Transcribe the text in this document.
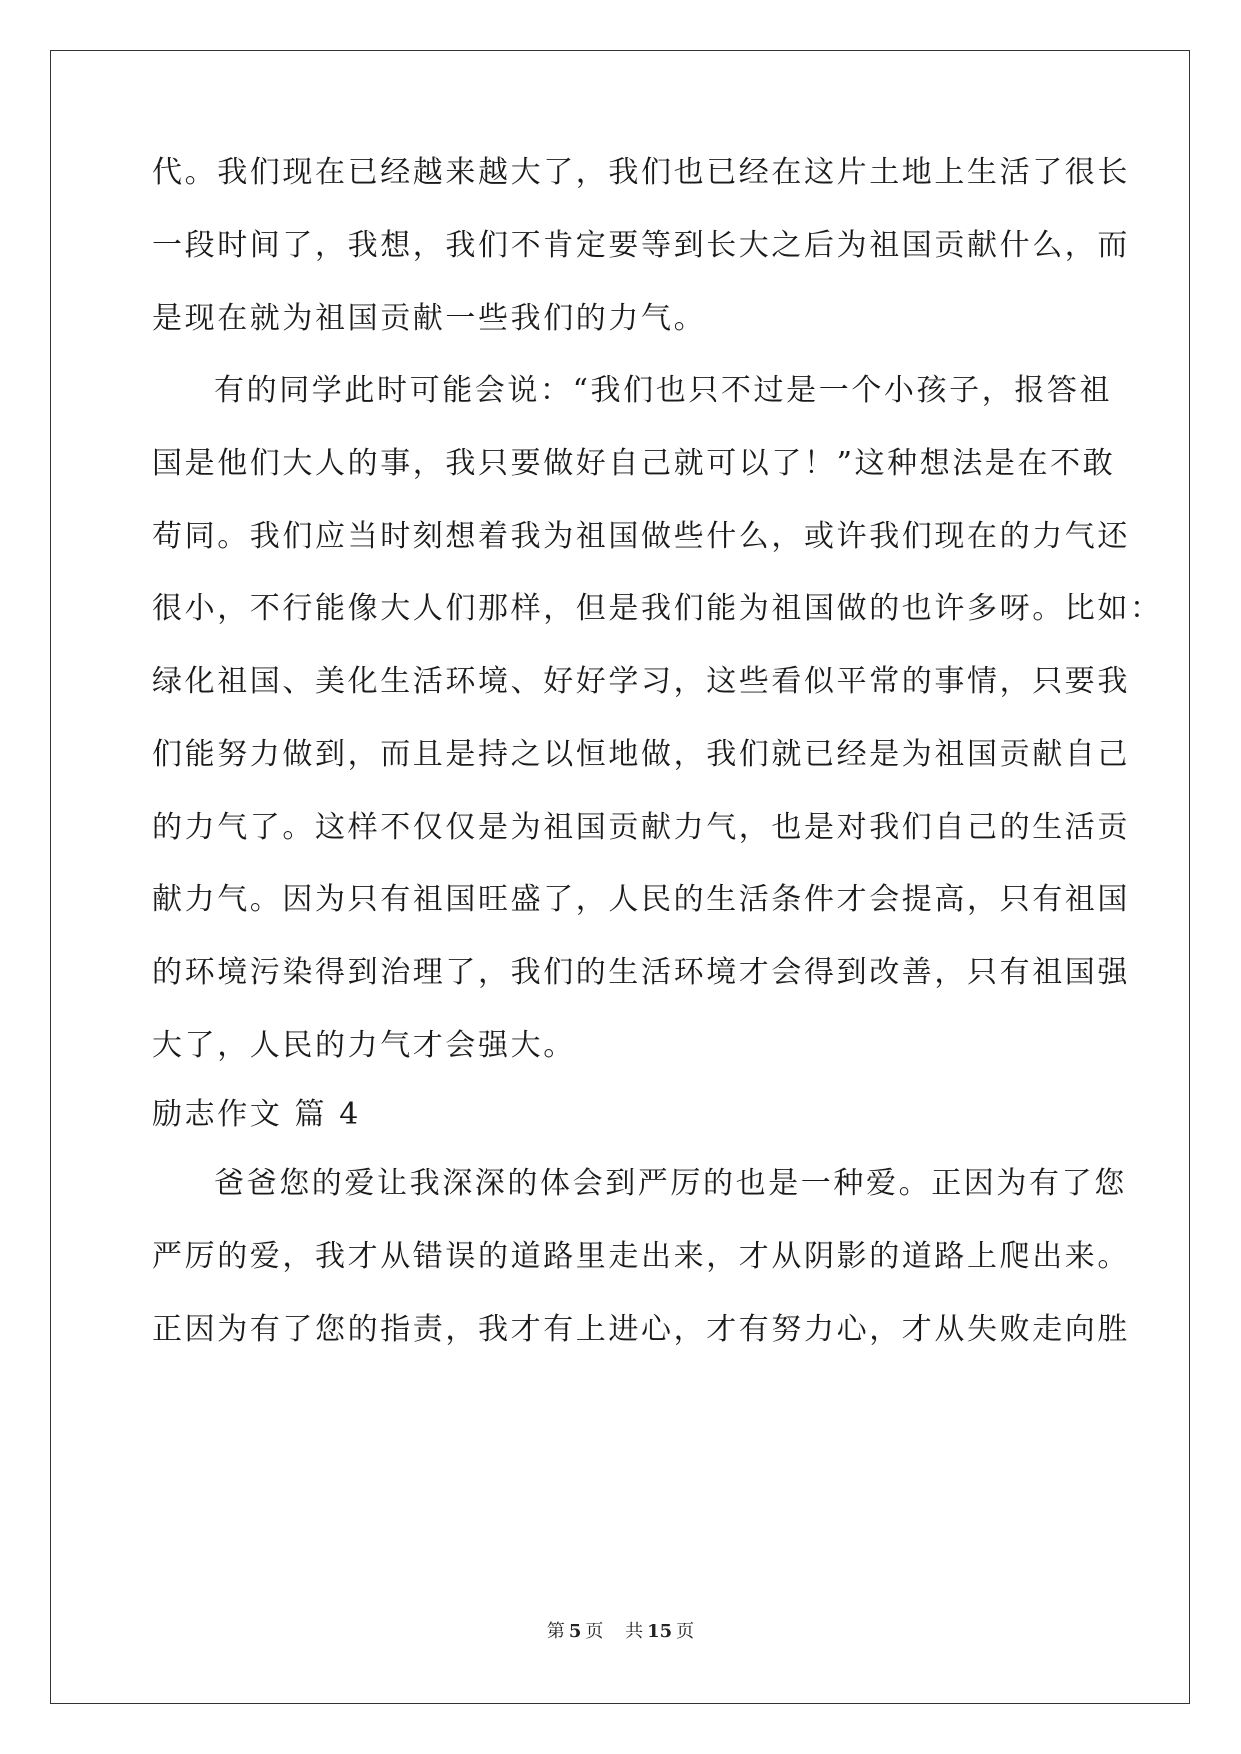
代。我们现在已经越来越大了，我们也已经在这片土地上生活了很长
一段时间了，我想，我们不肯定要等到长大之后为祖国贡献什么，而
是现在就为祖国贡献一些我们的力气。
有的同学此时可能会说：“我们也只不过是一个小孩子，报答祖
国是他们大人的事，我只要做好自己就可以了！”这种想法是在不敢
苟同。我们应当时刻想着我为祖国做些什么，或许我们现在的力气还
很小，不行能像大人们那样，但是我们能为祖国做的也许多呀。比如：
绿化祖国、美化生活环境、好好学习，这些看似平常的事情，只要我
们能努力做到，而且是持之以恒地做，我们就已经是为祖国贡献自己
的力气了。这样不仅仅是为祖国贡献力气，也是对我们自己的生活贡
献力气。因为只有祖国旺盛了，人民的生活条件才会提高，只有祖国
的环境污染得到治理了，我们的生活环境才会得到改善，只有祖国强
大了，人民的力气才会强大。
励志作文 篇 4
爸爸您的爱让我深深的体会到严厉的也是一种爱。正因为有了您
严厉的爱，我才从错误的道路里走出来，才从阴影的道路上爬出来。
正因为有了您的指责，我才有上进心，才有努力心，才从失败走向胜
第 5 页 共 15 页
